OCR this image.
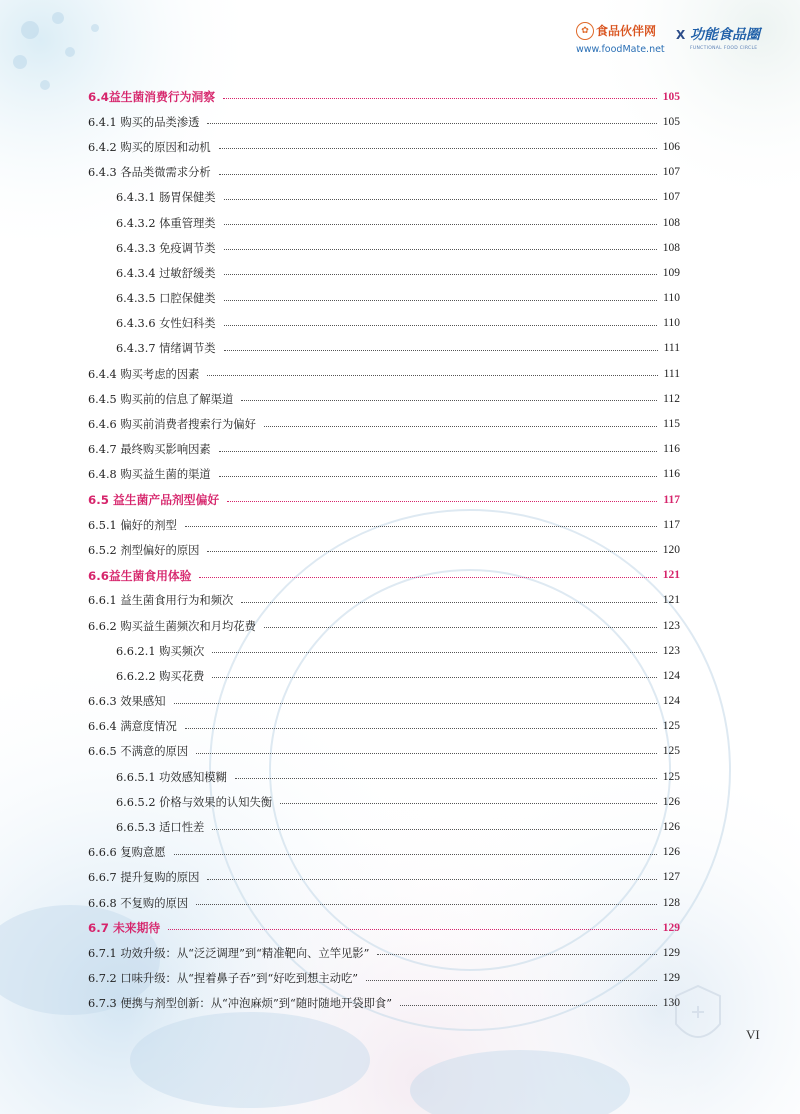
✿ 食品伙伴网
www.foodMate.net
X 功能食品圈
FUNCTIONAL FOOD CIRCLE
6.4益生菌消费行为洞察	105
6.4.1 购买的品类渗透	105
6.4.2 购买的原因和动机	106
6.4.3 各品类微需求分析	107
6.4.3.1 肠胃保健类	107
6.4.3.2 体重管理类	108
6.4.3.3 免疫调节类	108
6.4.3.4 过敏舒缓类	109
6.4.3.5 口腔保健类	110
6.4.3.6 女性妇科类	110
6.4.3.7 情绪调节类	111
6.4.4 购买考虑的因素	111
6.4.5 购买前的信息了解渠道	112
6.4.6 购买前消费者搜索行为偏好	115
6.4.7 最终购买影响因素	116
6.4.8 购买益生菌的渠道	116
6.5 益生菌产品剂型偏好	117
6.5.1 偏好的剂型	117
6.5.2 剂型偏好的原因	120
6.6益生菌食用体验	121
6.6.1 益生菌食用行为和频次	121
6.6.2 购买益生菌频次和月均花费	123
6.6.2.1 购买频次	123
6.6.2.2 购买花费	124
6.6.3 效果感知	124
6.6.4 满意度情况	125
6.6.5 不满意的原因	125
6.6.5.1 功效感知模糊	125
6.6.5.2 价格与效果的认知失衡	126
6.6.5.3 适口性差	126
6.6.6 复购意愿	126
6.6.7 提升复购的原因	127
6.6.8 不复购的原因	128
6.7 未来期待	129
6.7.1 功效升级：从“泛泛调理”到“精准靶向、立竿见影”	129
6.7.2 口味升级：从“捏着鼻子吞”到“好吃到想主动吃”	129
6.7.3 便携与剂型创新：从“冲泡麻烦”到“随时随地开袋即食”	130
VI
